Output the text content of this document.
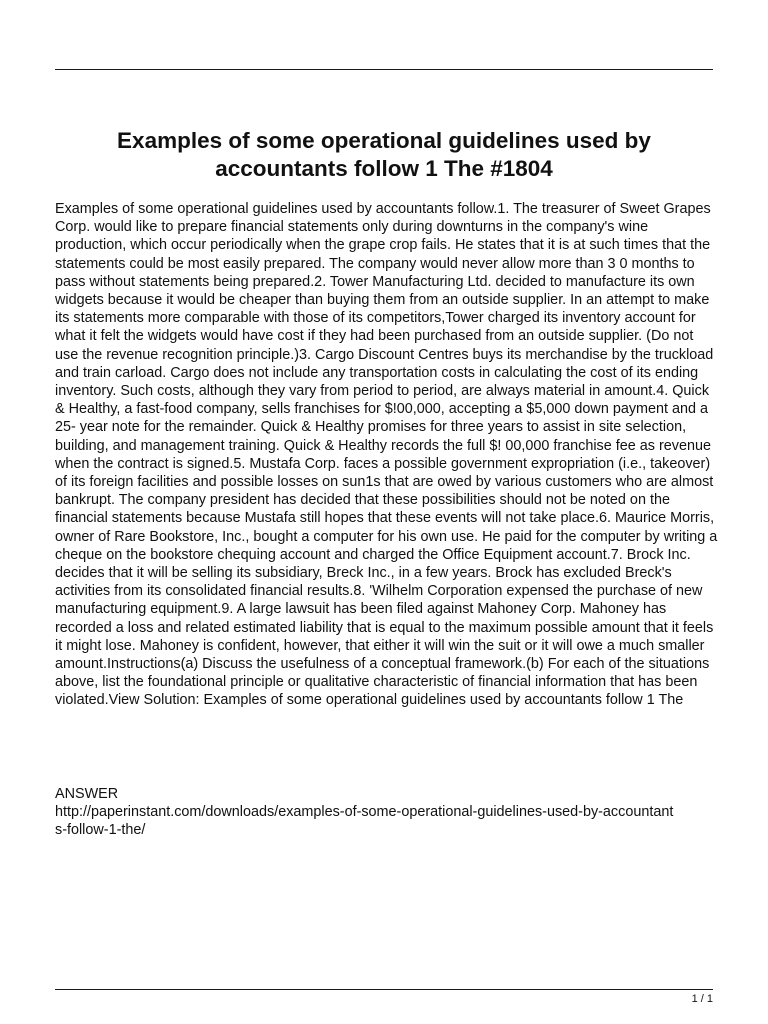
Examples of some operational guidelines used by accountants follow 1 The #1804

Examples of some operational guidelines used by accountants follow.1. The treasurer of Sweet Grapes Corp. would like to prepare financial statements only during downturns in the company's wine production, which occur periodically when the grape crop fails. He states that it is at such times that the statements could be most easily prepared. The company would never allow more than 3 0 months to pass without statements being prepared.2. Tower Manufacturing Ltd. decided to manufacture its own widgets because it would be cheaper than buying them from an outside supplier. In an attempt to make its statements more comparable with those of its competitors,Tower charged its inventory account for what it felt the widgets would have cost if they had been purchased from an outside supplier. (Do not use the revenue recognition principle.)3. Cargo Discount Centres buys its merchandise by the truckload and train carload. Cargo does not include any transportation costs in calculating the cost of its ending inventory. Such costs, although they vary from period to period, are always material in amount.4. Quick & Healthy, a fast-food company, sells franchises for $!00,000, accepting a $5,000 down payment and a 25- year note for the remainder. Quick & Healthy promises for three years to assist in site selection, building, and management training. Quick & Healthy records the full $! 00,000 franchise fee as revenue when the contract is signed.5. Mustafa Corp. faces a possible government expropriation (i.e., takeover) of its foreign facilities and possible losses on sun1s that are owed by various customers who are almost bankrupt. The company president has decided that these possibilities should not be noted on the financial statements because Mustafa still hopes that these events will not take place.6. Maurice Morris, owner of Rare Bookstore, Inc., bought a computer for his own use. He paid for the computer by writing a cheque on the bookstore chequing account and charged the Office Equipment account.7. Brock Inc. decides that it will be selling its subsidiary, Breck Inc., in a few years. Brock has excluded Breck's activities from its consolidated financial results.8. 'Wilhelm Corporation expensed the purchase of new manufacturing equipment.9. A large lawsuit has been filed against Mahoney Corp. Mahoney has recorded a loss and related estimated liability that is equal to the maximum possible amount that it feels it might lose. Mahoney is confident, however, that either it will win the suit or it will owe a much smaller amount.Instructions(a) Discuss the usefulness of a conceptual framework.(b) For each of the situations above, list the foundational principle or qualitative characteristic of financial information that has been violated.View Solution: Examples of some operational guidelines used by accountants follow 1 The

ANSWER

http://paperinstant.com/downloads/examples-of-some-operational-guidelines-used-by-accountants-follow-1-the/
1 / 1
